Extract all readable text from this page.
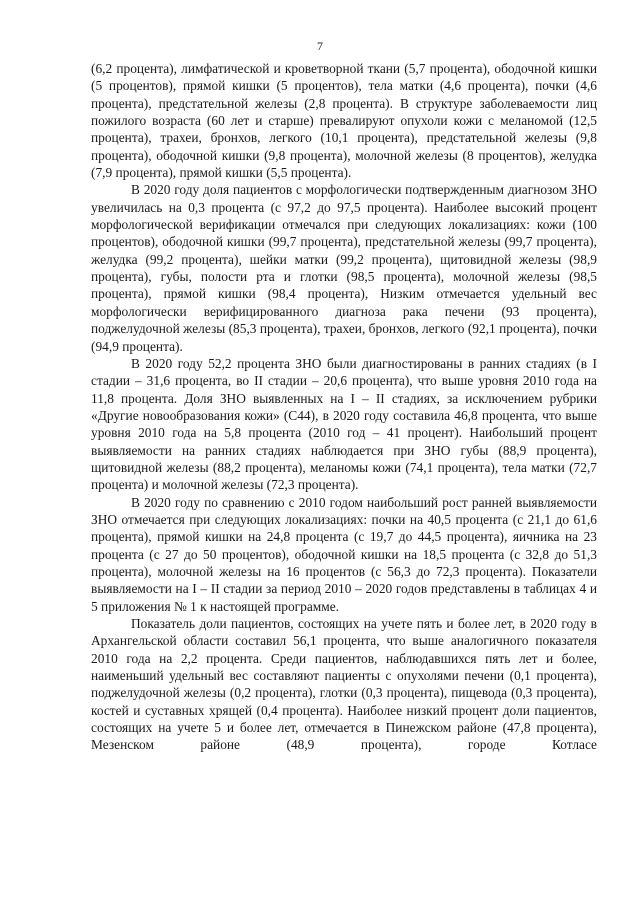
7

(6,2 процента), лимфатической и кроветворной ткани (5,7 процента), ободочной кишки (5 процентов), прямой кишки (5 процентов), тела матки (4,6 процента), почки (4,6 процента), предстательной железы (2,8 процента). В структуре заболеваемости лиц пожилого возраста (60 лет и старше) превалируют опухоли кожи с меланомой (12,5 процента), трахеи, бронхов, легкого (10,1 процента), предстательной железы (9,8 процента), ободочной кишки (9,8 процента), молочной железы (8 процентов), желудка (7,9 процента), прямой кишки (5,5 процента).

В 2020 году доля пациентов с морфологически подтвержденным диагнозом ЗНО увеличилась на 0,3 процента (с 97,2 до 97,5 процента). Наиболее высокий процент морфологической верификации отмечался при следующих локализациях: кожи (100 процентов), ободочной кишки (99,7 процента), предстательной железы (99,7 процента), желудка (99,2 процента), шейки матки (99,2 процента), щитовидной железы (98,9 процента), губы, полости рта и глотки (98,5 процента), молочной железы (98,5 процента), прямой кишки (98,4 процента), Низким отмечается удельный вес морфологически верифицированного диагноза рака печени (93 процента), поджелудочной железы (85,3 процента), трахеи, бронхов, легкого (92,1 процента), почки (94,9 процента).

В 2020 году 52,2 процента ЗНО были диагностированы в ранних стадиях (в I стадии – 31,6 процента, во II стадии – 20,6 процента), что выше уровня 2010 года на 11,8 процента. Доля ЗНО выявленных на I – II стадиях, за исключением рубрики «Другие новообразования кожи» (С44), в 2020 году составила 46,8 процента, что выше уровня 2010 года на 5,8 процента (2010 год – 41 процент). Наибольший процент выявляемости на ранних стадиях наблюдается при ЗНО губы (88,9 процента), щитовидной железы (88,2 процента), меланомы кожи (74,1 процента), тела матки (72,7 процента) и молочной железы (72,3 процента).

В 2020 году по сравнению с 2010 годом наибольший рост ранней выявляемости ЗНО отмечается при следующих локализациях: почки на 40,5 процента (с 21,1 до 61,6 процента), прямой кишки на 24,8 процента (с 19,7 до 44,5 процента), яичника на 23 процента (с 27 до 50 процентов), ободочной кишки на 18,5 процента (с 32,8 до 51,3 процента), молочной железы на 16 процентов (с 56,3 до 72,3 процента). Показатели выявляемости на I – II стадии за период 2010 – 2020 годов представлены в таблицах 4 и 5 приложения № 1 к настоящей программе.

Показатель доли пациентов, состоящих на учете пять и более лет, в 2020 году в Архангельской области составил 56,1 процента, что выше аналогичного показателя 2010 года на 2,2 процента. Среди пациентов, наблюдавшихся пять лет и более, наименьший удельный вес составляют пациенты с опухолями печени (0,1 процента), поджелудочной железы (0,2 процента), глотки (0,3 процента), пищевода (0,3 процента), костей и суставных хрящей (0,4 процента). Наиболее низкий процент доли пациентов, состоящих на учете 5 и более лет, отмечается в Пинежском районе (47,8 процента), Мезенском районе (48,9 процента), городе Котласе
